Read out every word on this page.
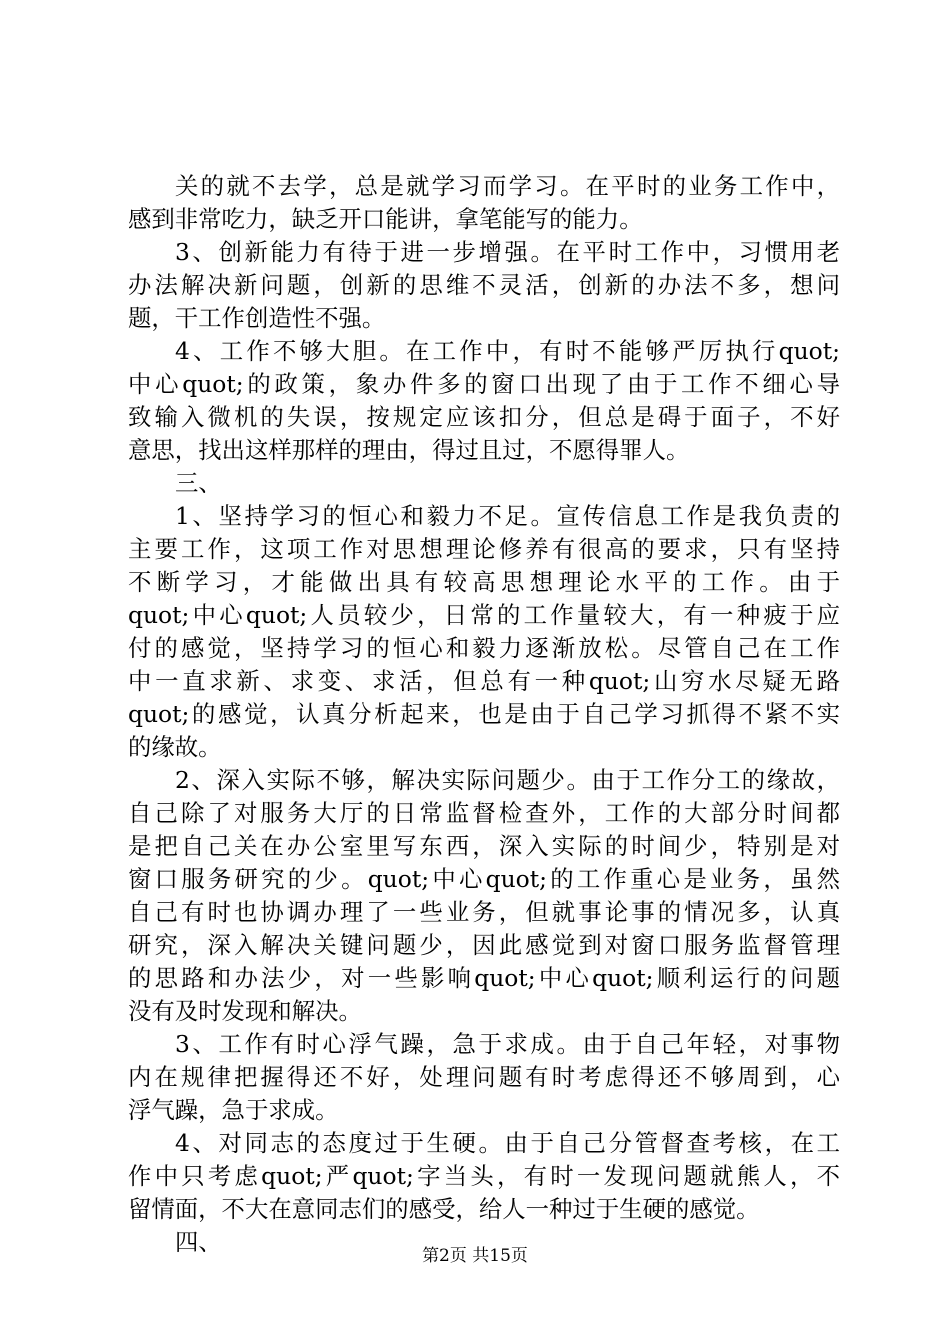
关的就不去学，总是就学习而学习。在平时的业务工作中，
感到非常吃力，缺乏开口能讲，拿笔能写的能力。
3、创新能力有待于进一步增强。在平时工作中，习惯用老
办法解决新问题，创新的思维不灵活，创新的办法不多，想问
题，干工作创造性不强。
4、工作不够大胆。在工作中，有时不能够严厉执行quot;
中心quot;的政策，象办件多的窗口出现了由于工作不细心导
致输入微机的失误，按规定应该扣分，但总是碍于面子，不好
意思，找出这样那样的理由，得过且过，不愿得罪人。
三、
1、坚持学习的恒心和毅力不足。宣传信息工作是我负责的
主要工作，这项工作对思想理论修养有很高的要求，只有坚持
不断学习，才能做出具有较高思想理论水平的工作。由于
quot;中心quot;人员较少，日常的工作量较大，有一种疲于应
付的感觉，坚持学习的恒心和毅力逐渐放松。尽管自己在工作
中一直求新、求变、求活，但总有一种quot;山穷水尽疑无路
quot;的感觉，认真分析起来，也是由于自己学习抓得不紧不实
的缘故。
2、深入实际不够，解决实际问题少。由于工作分工的缘故，
自己除了对服务大厅的日常监督检查外，工作的大部分时间都
是把自己关在办公室里写东西，深入实际的时间少，特别是对
窗口服务研究的少。quot;中心quot;的工作重心是业务，虽然
自己有时也协调办理了一些业务，但就事论事的情况多，认真
研究，深入解决关键问题少，因此感觉到对窗口服务监督管理
的思路和办法少，对一些影响quot;中心quot;顺利运行的问题
没有及时发现和解决。
3、工作有时心浮气躁，急于求成。由于自己年轻，对事物
内在规律把握得还不好，处理问题有时考虑得还不够周到，心
浮气躁，急于求成。
4、对同志的态度过于生硬。由于自己分管督查考核，在工
作中只考虑quot;严quot;字当头，有时一发现问题就熊人，不
留情面，不大在意同志们的感受，给人一种过于生硬的感觉。
四、	第2页 共15页
